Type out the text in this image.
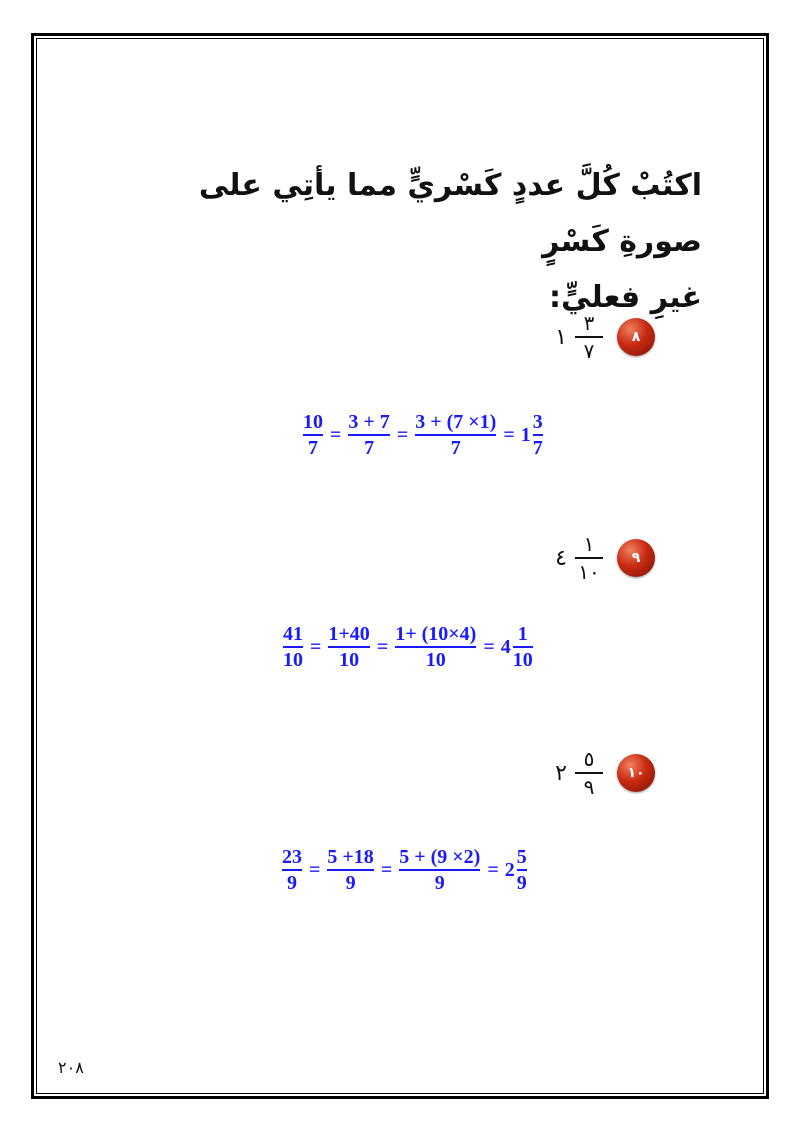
اكتُبْ كُلَّ عددٍ كَسْريٍّ مما يأتِي على صورةِ كَسْرٍ
غيرِ فعليٍّ:
١
٣
٧
٨
$\frac{10}{7} = \frac{3 + 7}{7} = \frac{3 + (7 \times 1)}{7} = 1 \frac{3}{7}$
٤
١
١٠
٩
$\frac{41}{10} = \frac{1+40}{10} = \frac{1+ (10\times 4)}{10} = 4 \frac{1}{10}$
٢
٥
٩
١٠
$\frac{23}{9} = \frac{5 +18}{9} = \frac{5 + (9 \times 2)}{9} = 2 \frac{5}{9}$
٢٠٨
